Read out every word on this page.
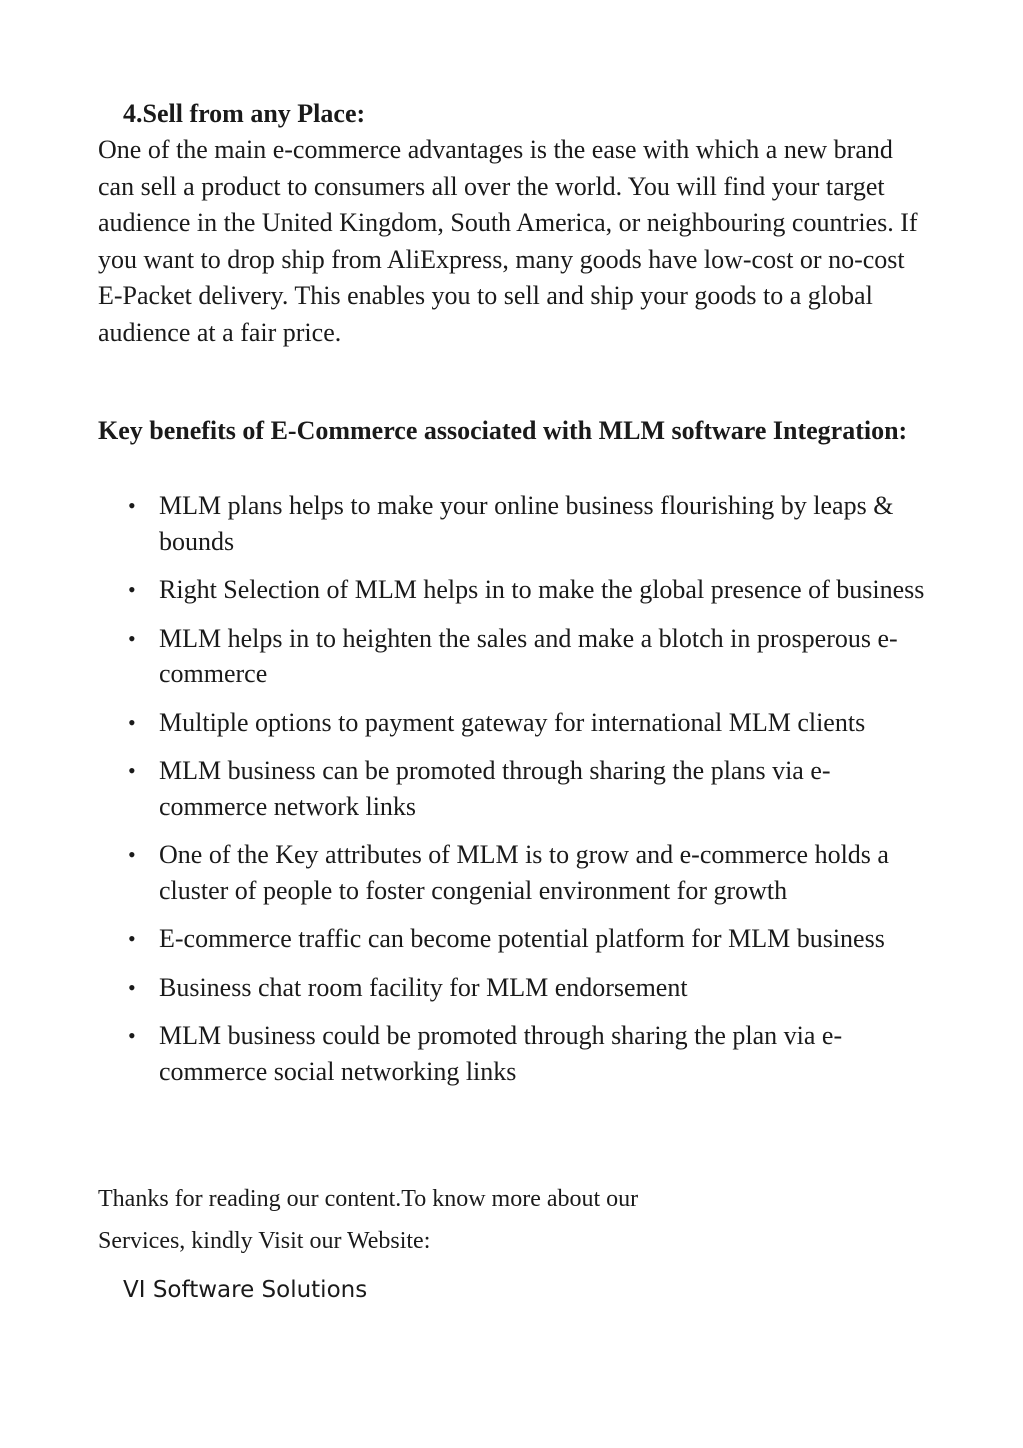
4.Sell from any Place:

One of the main e-commerce advantages is the ease with which a new brand can sell a product to consumers all over the world. You will find your target audience in the United Kingdom, South America, or neighbouring countries. If you want to drop ship from AliExpress, many goods have low-cost or no-cost E-Packet delivery. This enables you to sell and ship your goods to a global audience at a fair price.

Key benefits of E-Commerce associated with MLM software Integration:
• MLM plans helps to make your online business flourishing by leaps & bounds
• Right Selection of MLM helps in to make the global presence of business
• MLM helps in to heighten the sales and make a blotch in prosperous e-commerce
• Multiple options to payment gateway for international MLM clients
• MLM business can be promoted through sharing the plans via e-commerce network links
• One of the Key attributes of MLM is to grow and e-commerce holds a cluster of people to foster congenial environment for growth
• E-commerce traffic can become potential platform for MLM business
• Business chat room facility for MLM endorsement
• MLM business could be promoted through sharing the plan via e-commerce social networking links
Thanks for reading our content.To know more about our
Services, kindly Visit our Website:
VI Software Solutions
